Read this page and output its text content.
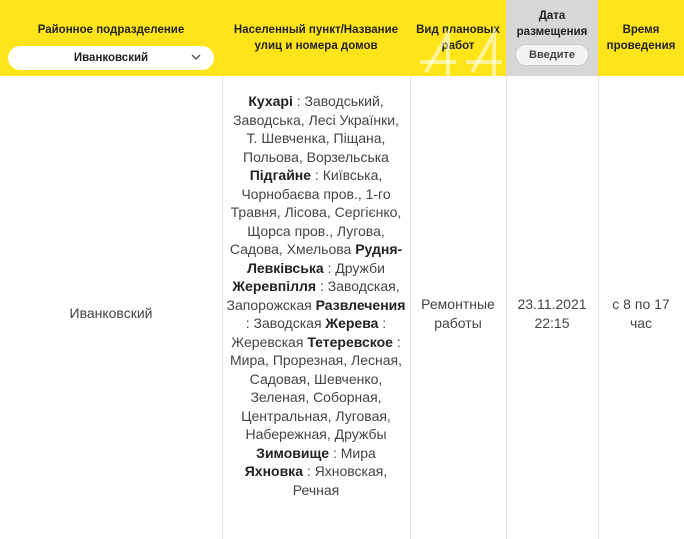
Районное подразделение
Иванковский
Населенный пункт/Название
улиц и номера домов
Вид плановых
работ
Дата
размещения
Введите
Время
проведения
Иванковский
Кухарі : Заводський, Заводська, Лесі Українки, Т. Шевченка, Піщана, Польова, Ворзельська Підгайне : Київська, Чорнобаєва пров., 1-го Травня, Лісова, Сергієнко, Щорса пров., Лугова, Садова, Хмельова Рудня-Левківська : Дружби Жеревпілля : Заводская, Запорожская Развлечения : Заводская Жерева : Жеревская Тетеревское : Мира, Прорезная, Лесная, Садовая, Шевченко, Зеленая, Соборная, Центральная, Луговая, Набережная, Дружбы Зимовище : Мира Яхновка : Яхновская, Речная
Ремонтные
работы
23.11.2021
22:15
с 8 по 17
час
